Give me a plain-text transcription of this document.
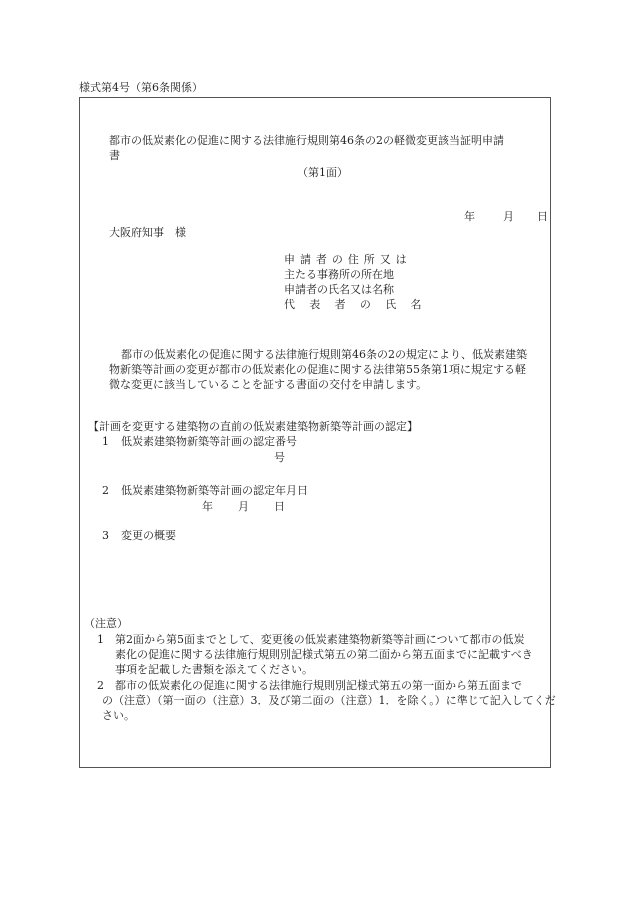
様式第4号（第6条関係）
都市の低炭素化の促進に関する法律施行規則第46条の2の軽微変更該当証明申請
書
（第1面）
年	月 日
大阪府知事　様
申請者の住所又は
主たる事務所の所在地
申請者の氏名又は名称
代表者の氏名
都市の低炭素化の促進に関する法律施行規則第46条の2の規定により、低炭素建築
物新築等計画の変更が都市の低炭素化の促進に関する法律第55条第1項に規定する軽
微な変更に該当していることを証する書面の交付を申請します。
【計画を変更する建築物の直前の低炭素建築物新築等計画の認定】
1 低炭素建築物新築等計画の認定番号
号
2 低炭素建築物新築等計画の認定年月日
年 月 日
3 変更の概要
（注意）
1 第2面から第5面までとして、変更後の低炭素建築物新築等計画について都市の低炭
素化の促進に関する法律施行規則別記様式第五の第二面から第五面までに記載すべき
事項を記載した書類を添えてください。
2 都市の低炭素化の促進に関する法律施行規則別記様式第五の第一面から第五面まで
の（注意）（第一面の（注意）3．及び第二面の（注意）1．を除く。）に準じて記入してくだ
さい。
